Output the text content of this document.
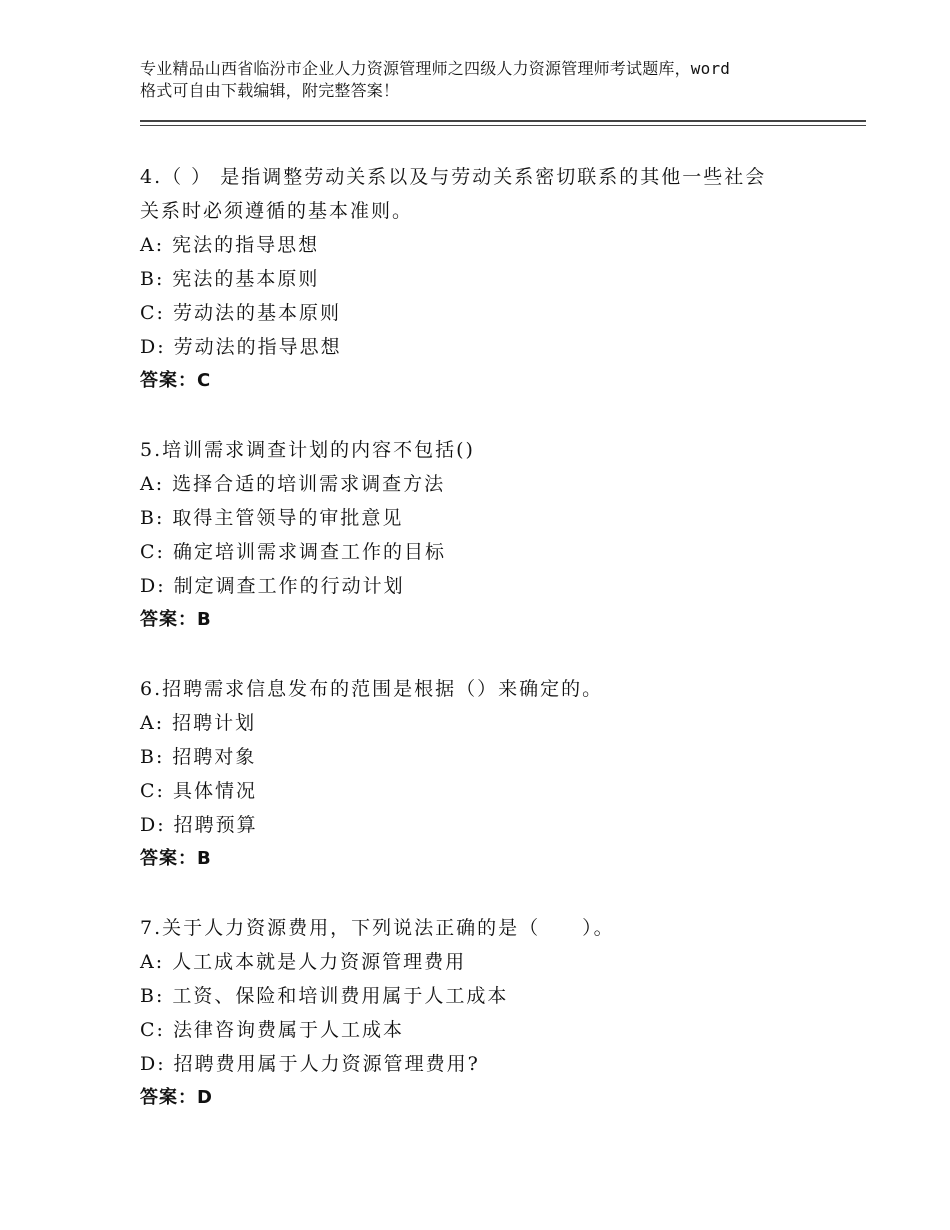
专业精品山西省临汾市企业人力资源管理师之四级人力资源管理师考试题库，word
格式可自由下载编辑，附完整答案！
4.（ ） 是指调整劳动关系以及与劳动关系密切联系的其他一些社会
关系时必须遵循的基本准则。
A: 宪法的指导思想
B: 宪法的基本原则
C: 劳动法的基本原则
D: 劳动法的指导思想
答案：C
5.培训需求调查计划的内容不包括()
A: 选择合适的培训需求调查方法
B: 取得主管领导的审批意见
C: 确定培训需求调查工作的目标
D: 制定调查工作的行动计划
答案：B
6.招聘需求信息发布的范围是根据（）来确定的。
A: 招聘计划
B: 招聘对象
C: 具体情况
D: 招聘预算
答案：B
7.关于人力资源费用，下列说法正确的是（　　）。
A: 人工成本就是人力资源管理费用
B: 工资、保险和培训费用属于人工成本
C: 法律咨询费属于人工成本
D: 招聘费用属于人力资源管理费用?
答案：D
